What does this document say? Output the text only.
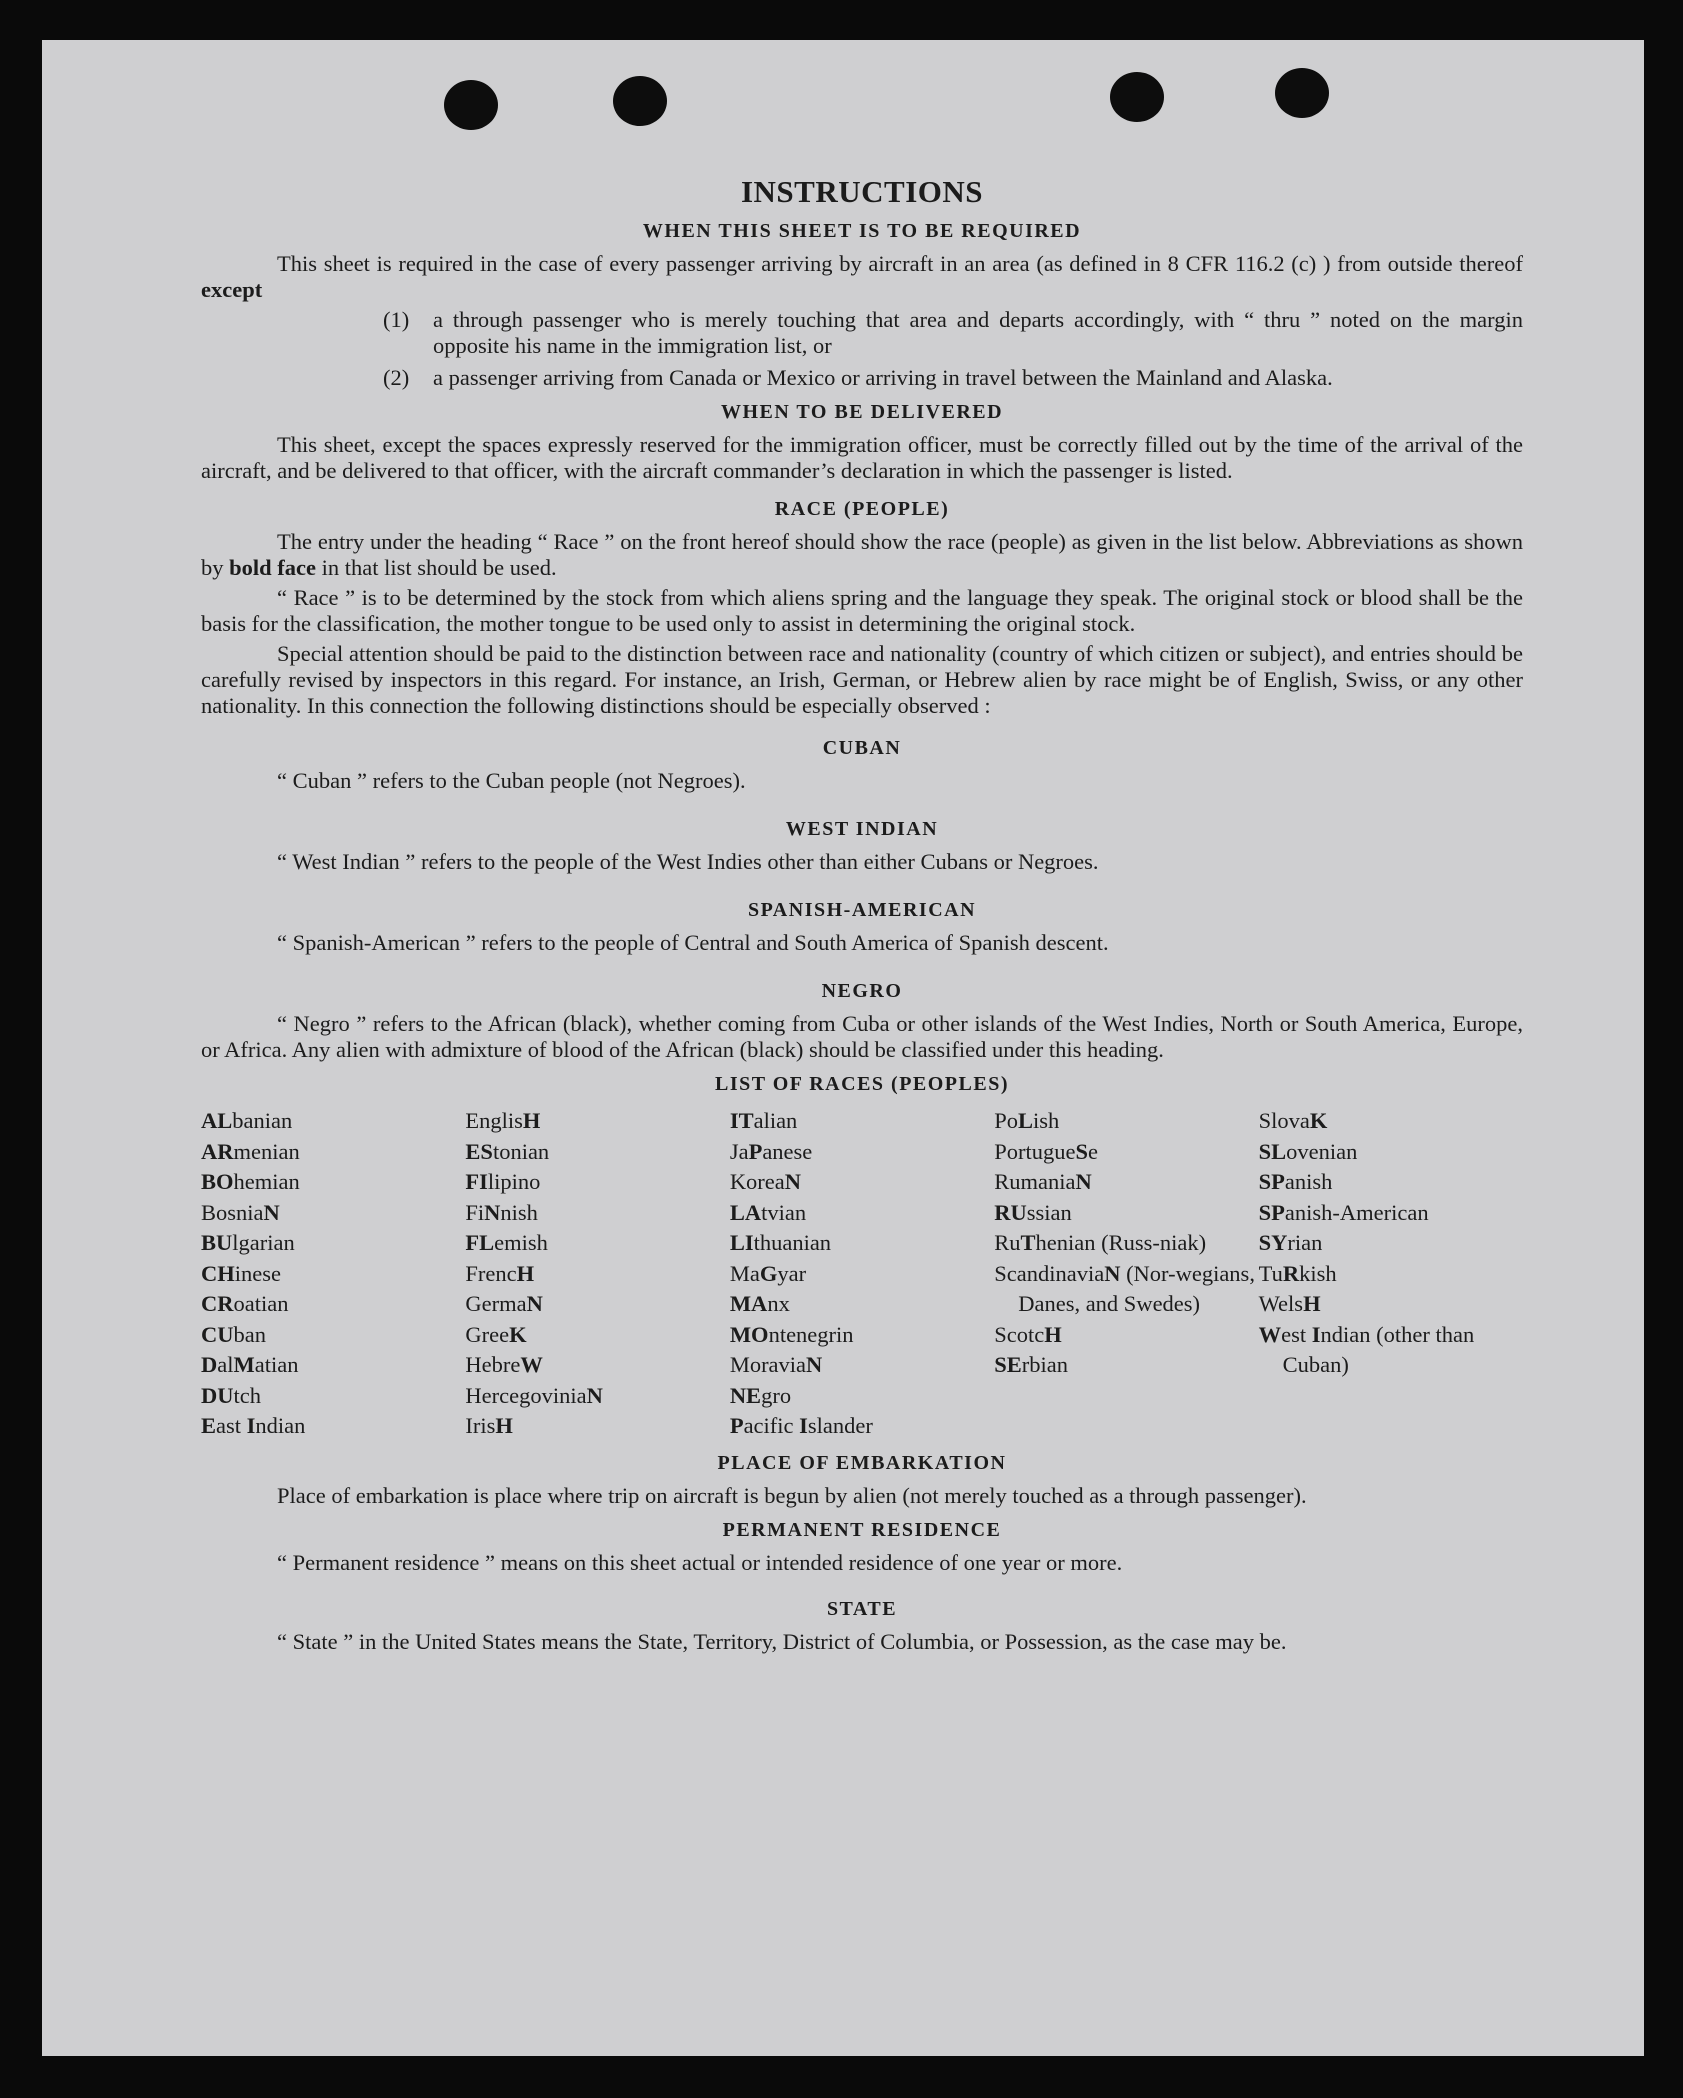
INSTRUCTIONS
WHEN THIS SHEET IS TO BE REQUIRED

This sheet is required in the case of every passenger arriving by aircraft in an area (as defined in 8 CFR 116.2 (c) ) from outside thereof except

(1) a through passenger who is merely touching that area and departs accordingly, with “ thru ” noted on the margin opposite his name in the immigration list, or
(2) a passenger arriving from Canada or Mexico or arriving in travel between the Mainland and Alaska.
WHEN TO BE DELIVERED

This sheet, except the spaces expressly reserved for the immigration officer, must be correctly filled out by the time of the arrival of the aircraft, and be delivered to that officer, with the aircraft commander’s declaration in which the passenger is listed.

RACE (PEOPLE)

The entry under the heading “ Race ” on the front hereof should show the race (people) as given in the list below. Abbreviations as shown by bold face in that list should be used.

“ Race ” is to be determined by the stock from which aliens spring and the language they speak. The original stock or blood shall be the basis for the classification, the mother tongue to be used only to assist in determining the original stock.

Special attention should be paid to the distinction between race and nationality (country of which citizen or subject), and entries should be carefully revised by inspectors in this regard. For instance, an Irish, German, or Hebrew alien by race might be of English, Swiss, or any other nationality. In this connection the following distinctions should be especially observed :

CUBAN

“ Cuban ” refers to the Cuban people (not Negroes).

WEST INDIAN

“ West Indian ” refers to the people of the West Indies other than either Cubans or Negroes.

SPANISH-AMERICAN

“ Spanish-American ” refers to the people of Central and South America of Spanish descent.

NEGRO

“ Negro ” refers to the African (black), whether coming from Cuba or other islands of the West Indies, North or South America, Europe, or Africa. Any alien with admixture of blood of the African (black) should be classified under this heading.

LIST OF RACES (PEOPLES)
ALbanian
ARmenian
BOhemian
BosniaN
BUlgarian
CHinese
CRoatian
CUban
DalMatian
DUtch
East Indian
EnglisH
EStonian
FIlipino
FiNnish
FLemish
FrencH
GermaN
GreeK
HebreW
HercegoviniaN
IrisH
ITalian
JaPanese
KoreaN
LAtvian
LIthuanian
MaGyar
MAnx
MOntenegrin
MoraviaN
NEgro
Pacific Islander
PoLish
PortugueSe
RumaniaN
RUssian
RuThenian (Russ-niak)
ScandinaviaN (Nor-wegians, Danes, and Swedes)
ScotcH
SErbian
SlovaK
SLovenian
SPanish
SPanish-American
SYrian
TuRkish
WelsH
West Indian (other than Cuban)
PLACE OF EMBARKATION

Place of embarkation is place where trip on aircraft is begun by alien (not merely touched as a through passenger).

PERMANENT RESIDENCE

“ Permanent residence ” means on this sheet actual or intended residence of one year or more.

STATE

“ State ” in the United States means the State, Territory, District of Columbia, or Possession, as the case may be.
